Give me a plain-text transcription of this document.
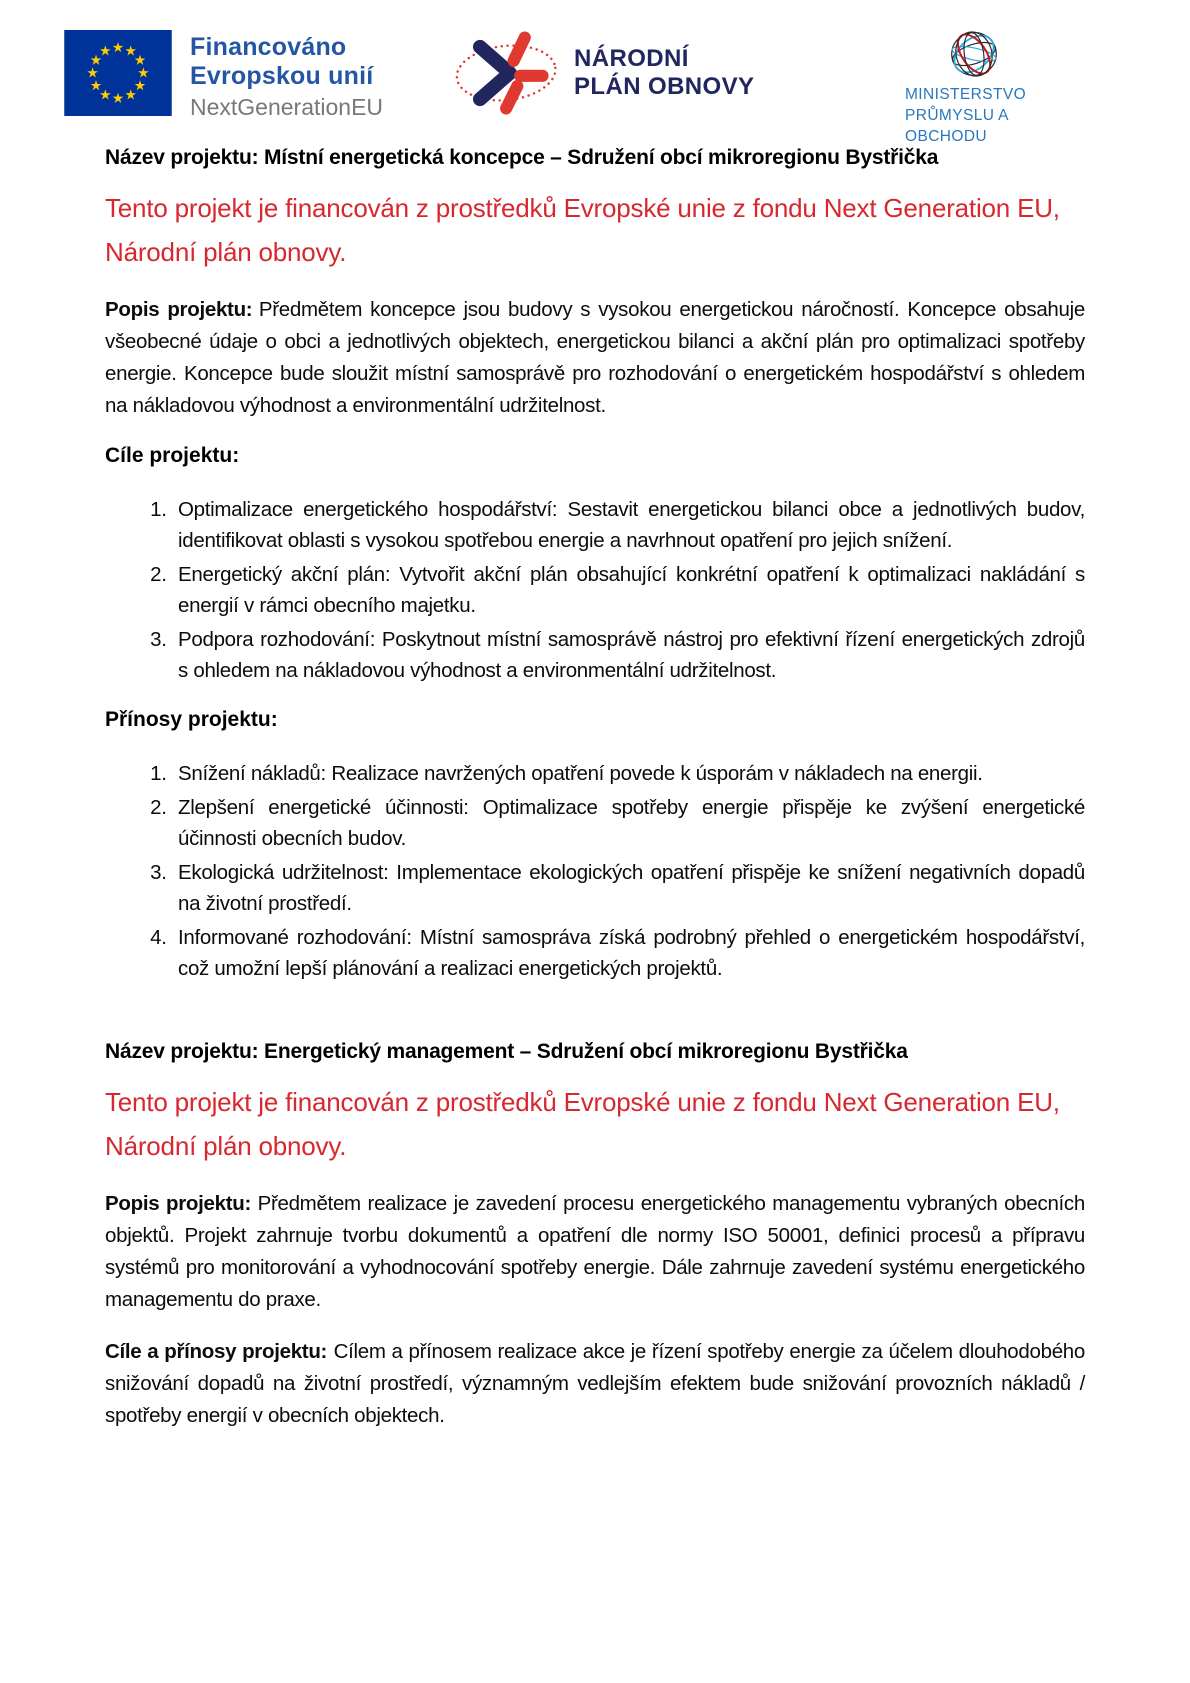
Financováno
Evropskou unií
NextGenerationEU
NÁRODNÍ
PLÁN OBNOVY	MINISTERSTVO
PRŮMYSLU A OBCHODU

Název projektu: Místní energetická koncepce – Sdružení obcí mikroregionu Bystřička

Tento projekt je financován z prostředků Evropské unie z fondu Next Generation EU, Národní plán obnovy.

Popis projektu: Předmětem koncepce jsou budovy s vysokou energetickou náročností. Koncepce obsahuje všeobecné údaje o obci a jednotlivých objektech, energetickou bilanci a akční plán pro optimalizaci spotřeby energie. Koncepce bude sloužit místní samosprávě pro rozhodování o energetickém hospodářství s ohledem na nákladovou výhodnost a environmentální udržitelnost.

Cíle projektu:

1. Optimalizace energetického hospodářství: Sestavit energetickou bilanci obce a jednotlivých budov, identifikovat oblasti s vysokou spotřebou energie a navrhnout opatření pro jejich snížení.
2. Energetický akční plán: Vytvořit akční plán obsahující konkrétní opatření k optimalizaci nakládání s energií v rámci obecního majetku.
3. Podpora rozhodování: Poskytnout místní samosprávě nástroj pro efektivní řízení energetických zdrojů s ohledem na nákladovou výhodnost a environmentální udržitelnost.

Přínosy projektu:

1. Snížení nákladů: Realizace navržených opatření povede k úsporám v nákladech na energii.
2. Zlepšení energetické účinnosti: Optimalizace spotřeby energie přispěje ke zvýšení energetické účinnosti obecních budov.
3. Ekologická udržitelnost: Implementace ekologických opatření přispěje ke snížení negativních dopadů na životní prostředí.
4. Informované rozhodování: Místní samospráva získá podrobný přehled o energetickém hospodářství, což umožní lepší plánování a realizaci energetických projektů.

Název projektu: Energetický management – Sdružení obcí mikroregionu Bystřička

Tento projekt je financován z prostředků Evropské unie z fondu Next Generation EU, Národní plán obnovy.

Popis projektu: Předmětem realizace je zavedení procesu energetického managementu vybraných obecních objektů. Projekt zahrnuje tvorbu dokumentů a opatření dle normy ISO 50001, definici procesů a přípravu systémů pro monitorování a vyhodnocování spotřeby energie. Dále zahrnuje zavedení systému energetického managementu do praxe.

Cíle a přínosy projektu: Cílem a přínosem realizace akce je řízení spotřeby energie za účelem dlouhodobého snižování dopadů na životní prostředí, významným vedlejším efektem bude snižování provozních nákladů / spotřeby energií v obecních objektech.
